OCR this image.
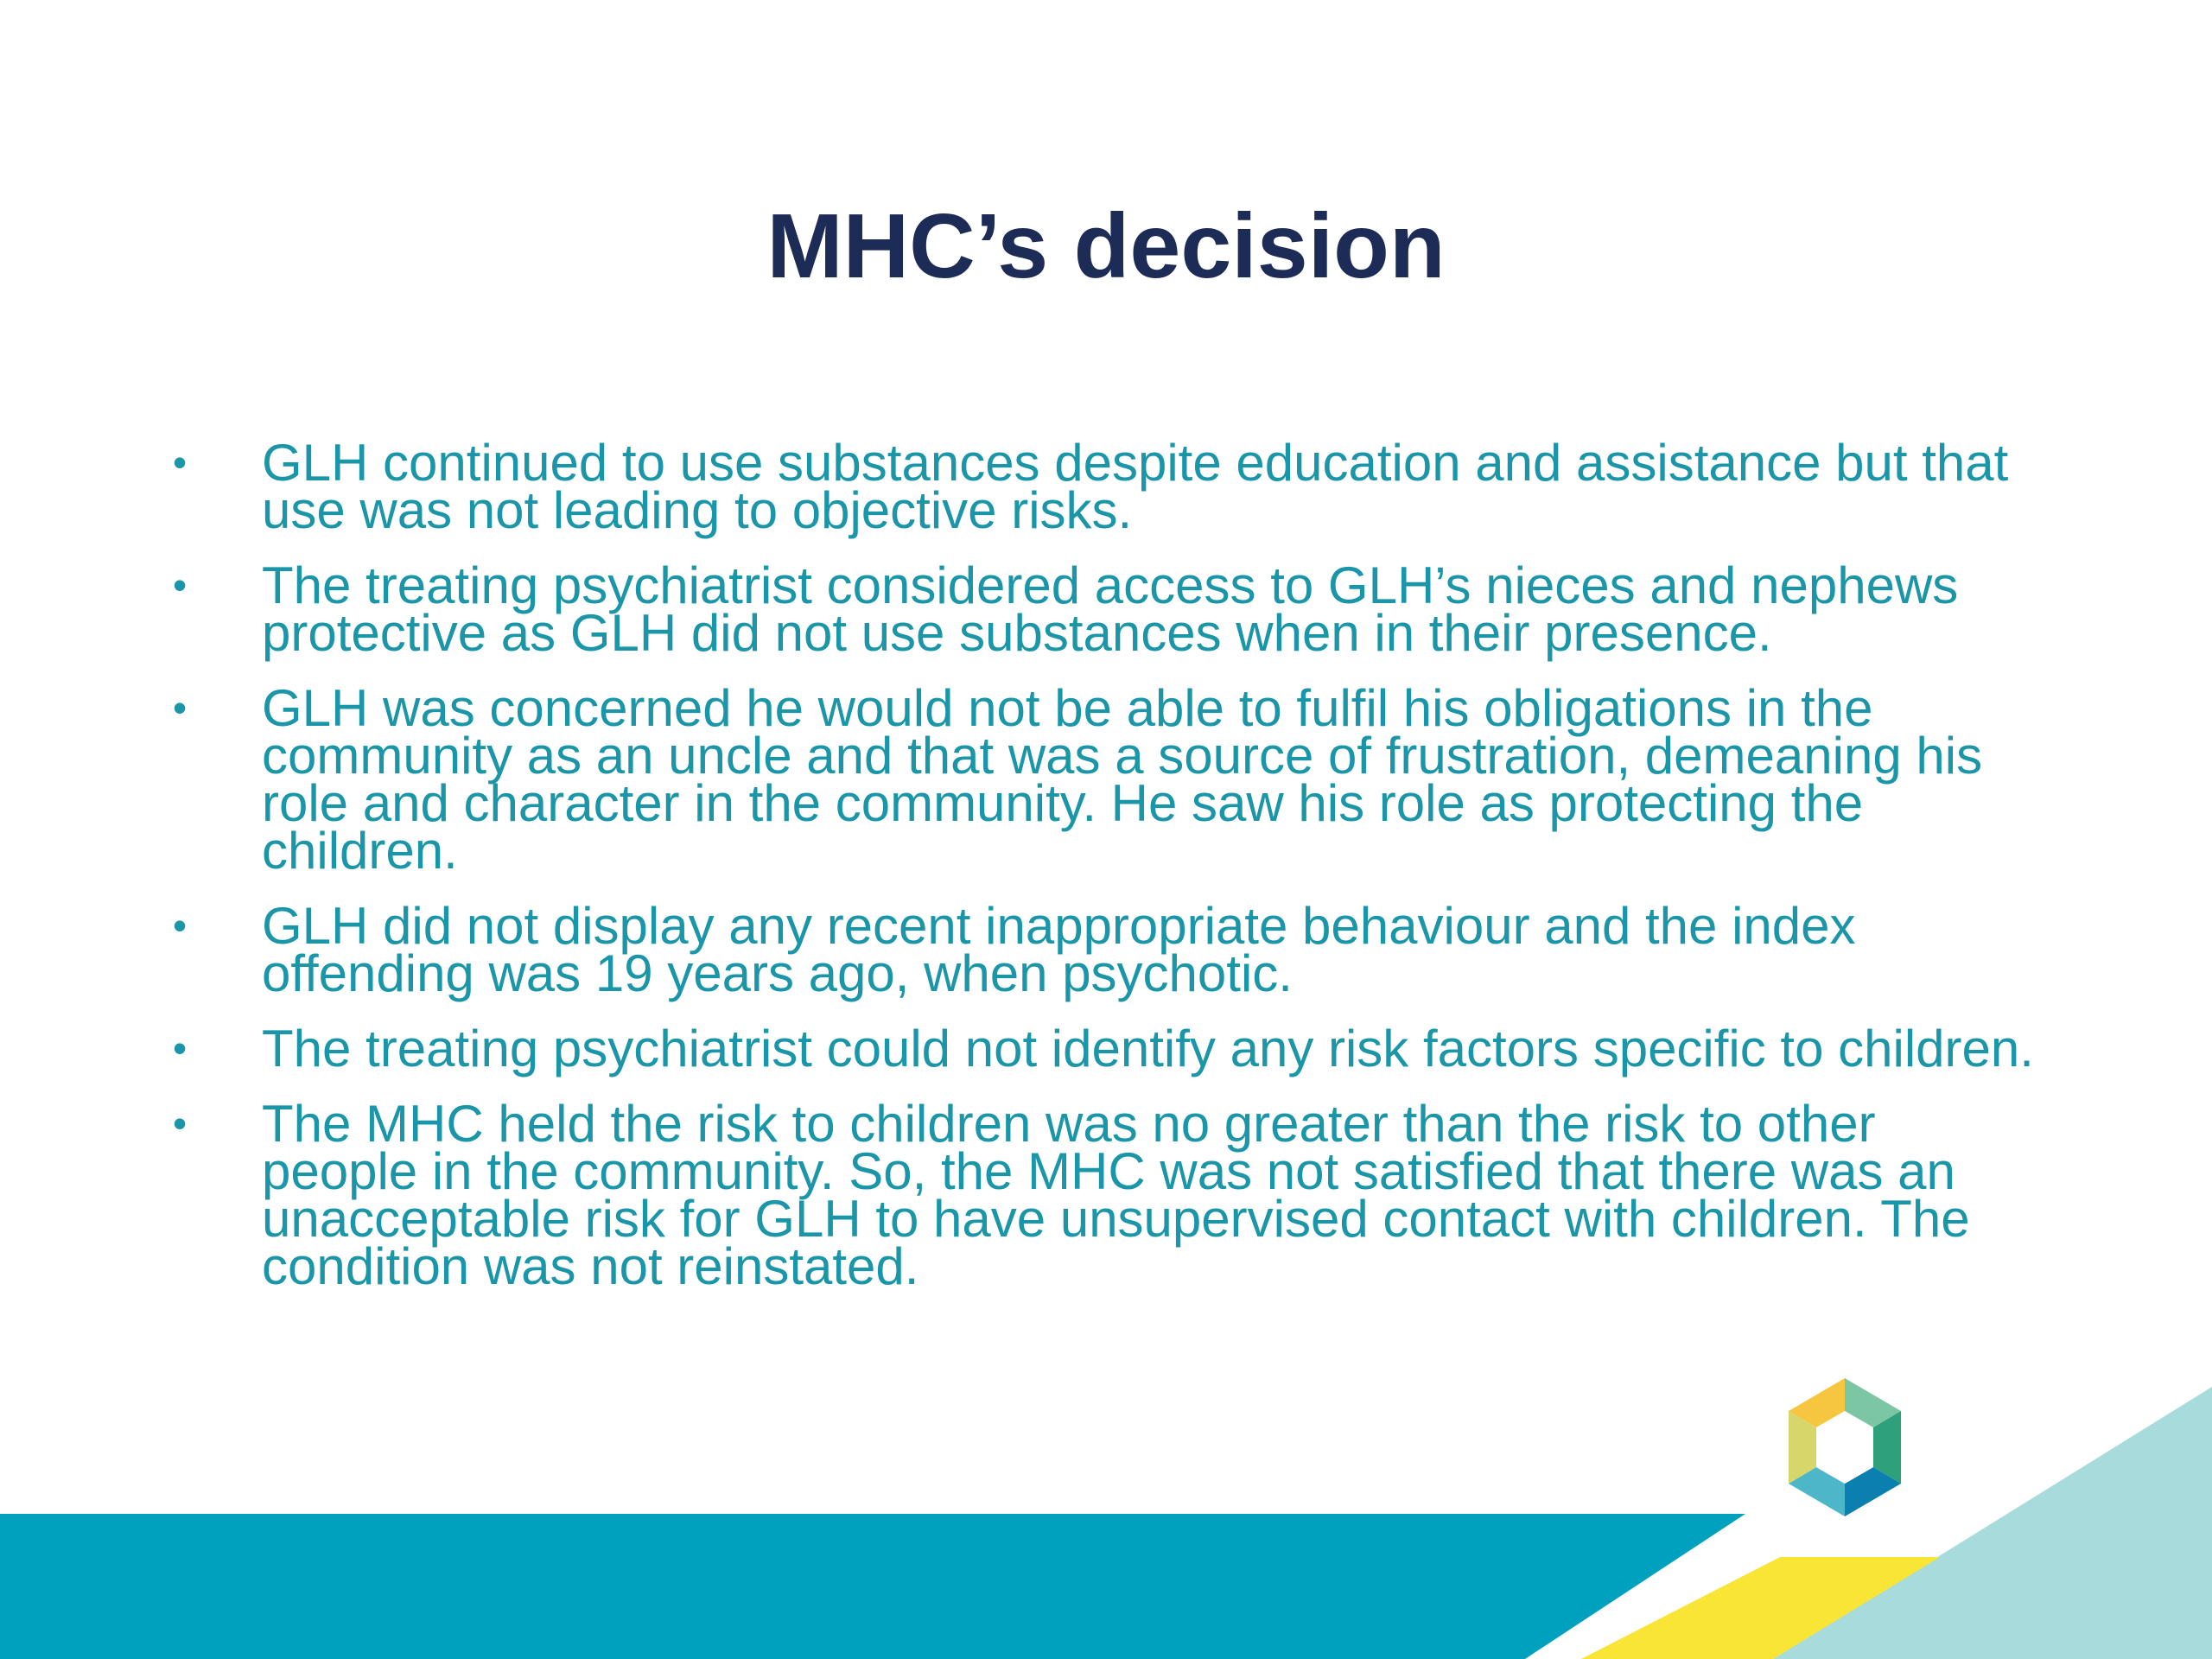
MHC’s decision
• GLH continued to use substances despite education and assistance but that use was not leading to objective risks.
• The treating psychiatrist considered access to GLH’s nieces and nephews protective as GLH did not use substances when in their presence.
• GLH was concerned he would not be able to fulfil his obligations in the community as an uncle and that was a source of frustration, demeaning his role and character in the community. He saw his role as protecting the children.
• GLH did not display any recent inappropriate behaviour and the index offending was 19 years ago, when psychotic.
• The treating psychiatrist could not identify any risk factors specific to children.
• The MHC held the risk to children was no greater than the risk to other people in the community. So, the MHC was not satisfied that there was an unacceptable risk for GLH to have unsupervised contact with children. The condition was not reinstated.
